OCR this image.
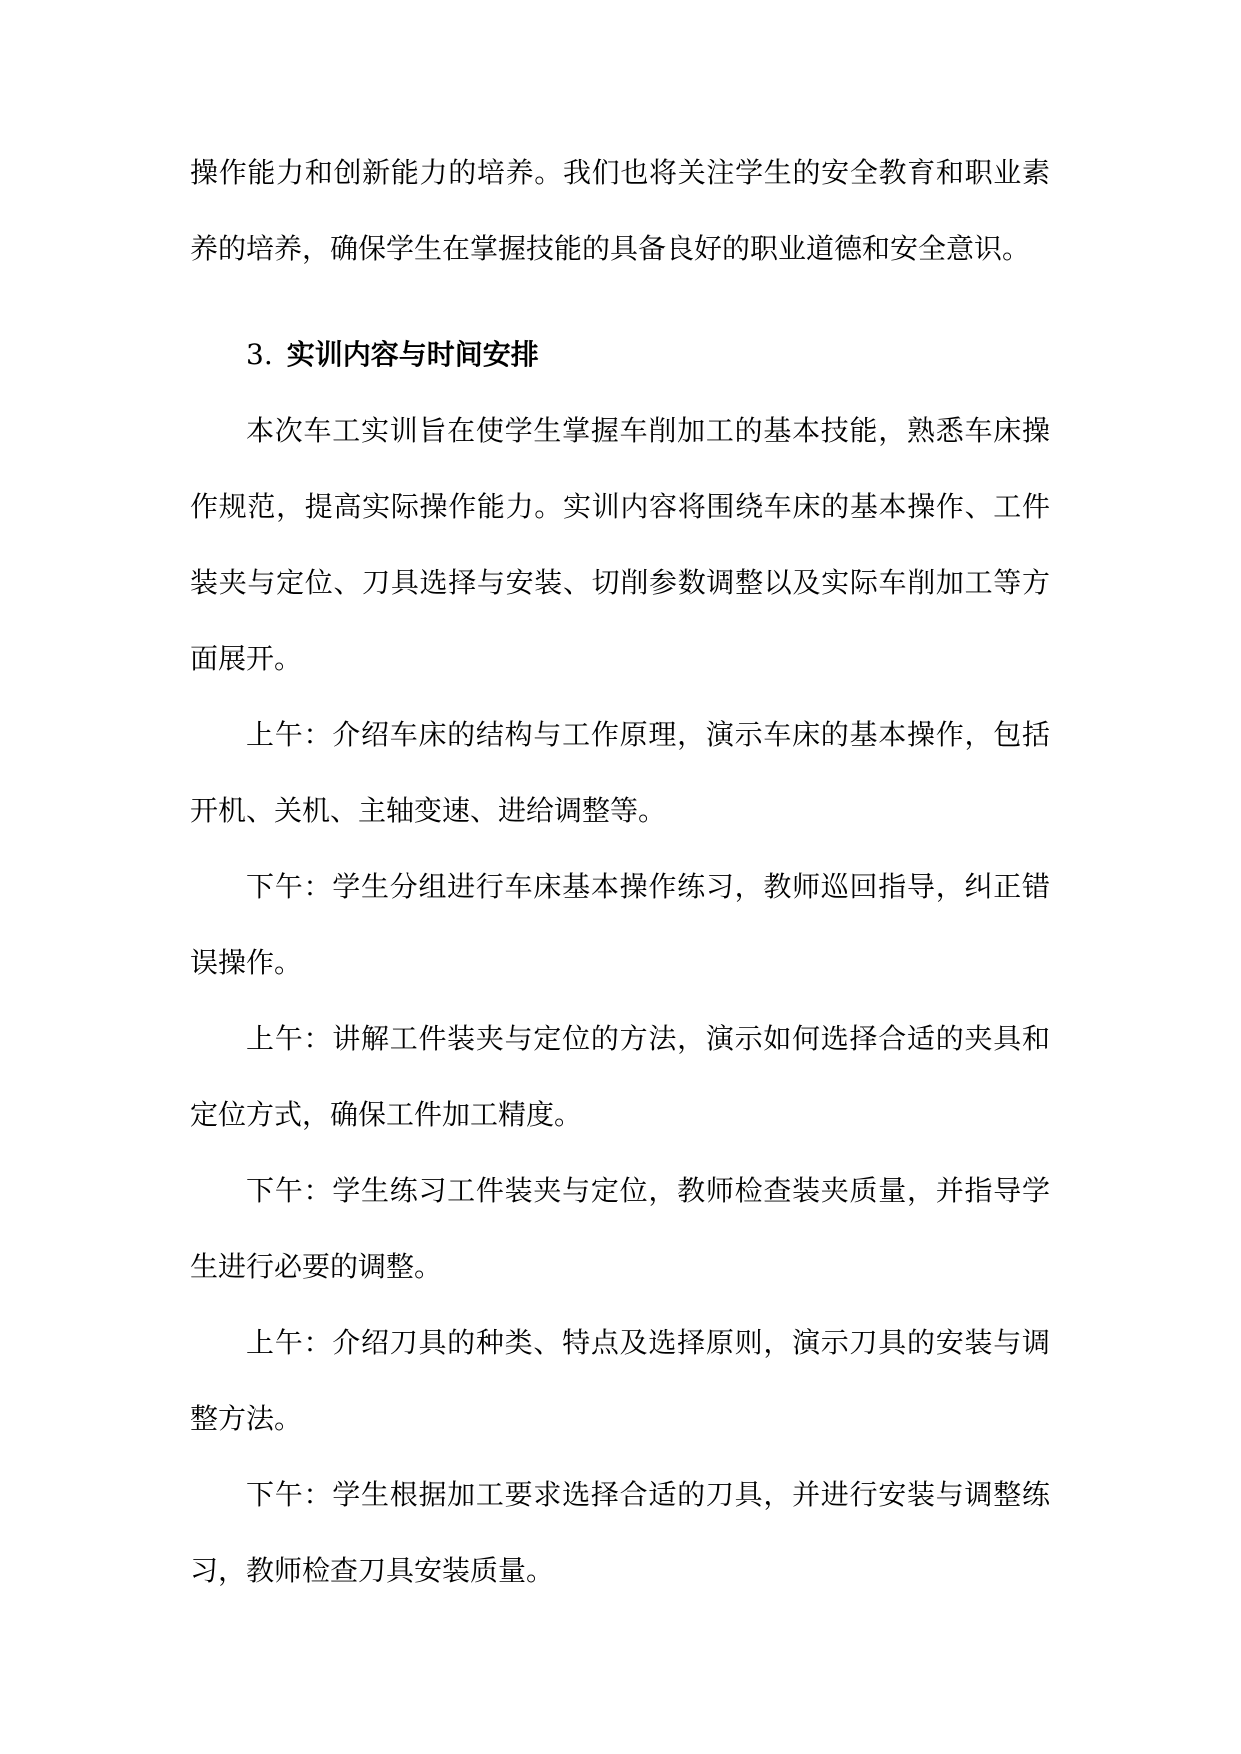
操作能力和创新能力的培养。我们也将关注学生的安全教育和职业素养的培养，确保学生在掌握技能的具备良好的职业道德和安全意识。
3. 实训内容与时间安排

本次车工实训旨在使学生掌握车削加工的基本技能，熟悉车床操作规范，提高实际操作能力。实训内容将围绕车床的基本操作、工件装夹与定位、刀具选择与安装、切削参数调整以及实际车削加工等方面展开。

上午：介绍车床的结构与工作原理，演示车床的基本操作，包括开机、关机、主轴变速、进给调整等。

下午：学生分组进行车床基本操作练习，教师巡回指导，纠正错误操作。

上午：讲解工件装夹与定位的方法，演示如何选择合适的夹具和定位方式，确保工件加工精度。

下午：学生练习工件装夹与定位，教师检查装夹质量，并指导学生进行必要的调整。

上午：介绍刀具的种类、特点及选择原则，演示刀具的安装与调整方法。

下午：学生根据加工要求选择合适的刀具，并进行安装与调整练习，教师检查刀具安装质量。
